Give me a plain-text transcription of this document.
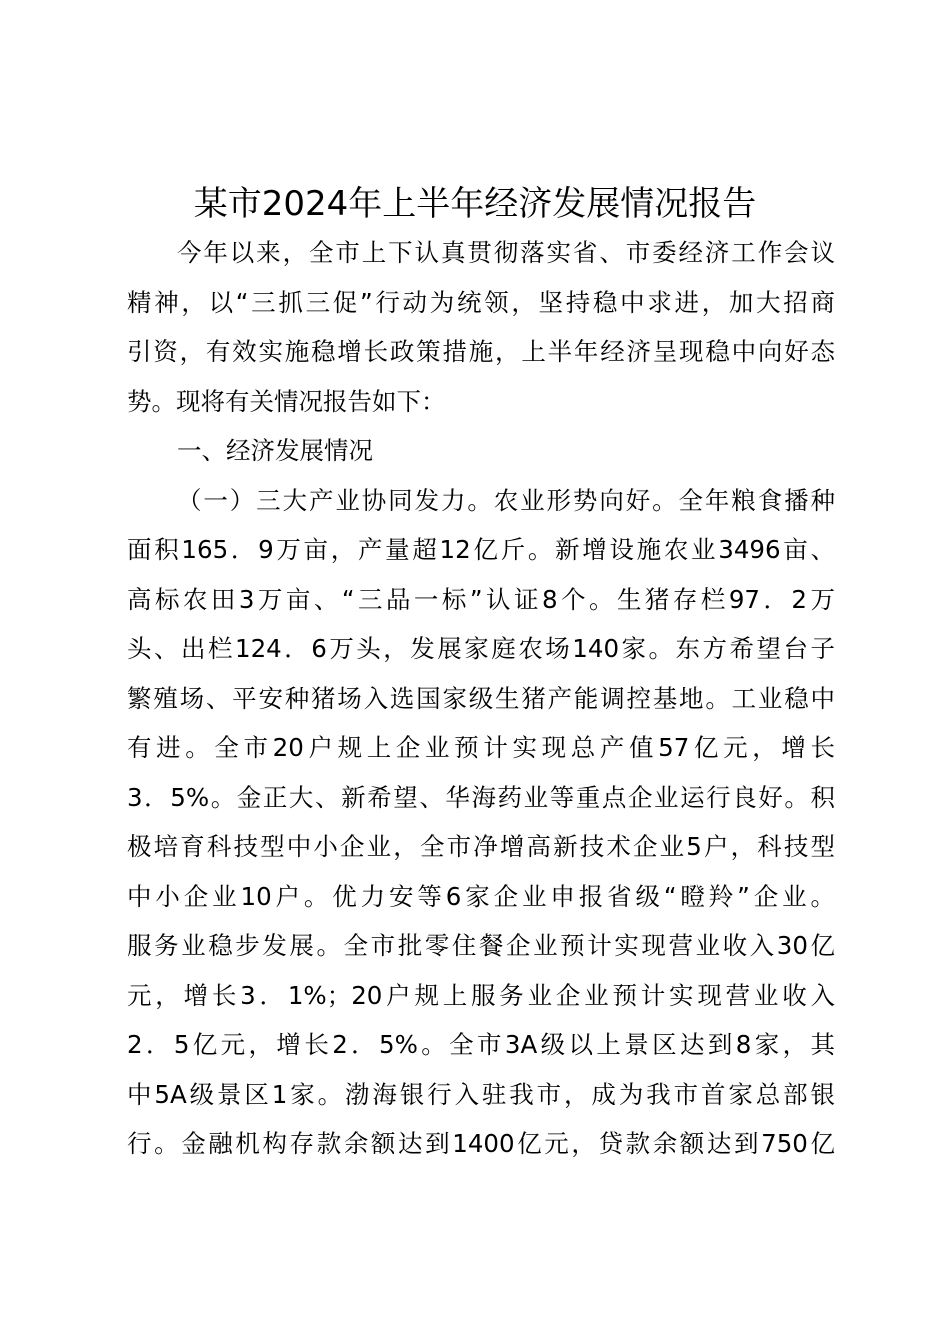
某市2024年上半年经济发展情况报告
今年以来，全市上下认真贯彻落实省、市委经济工作会议
精神，以“三抓三促”行动为统领，坚持稳中求进，加大招商
引资，有效实施稳增长政策措施，上半年经济呈现稳中向好态
势。现将有关情况报告如下：
一、经济发展情况
（一）三大产业协同发力。农业形势向好。全年粮食播种
面积165．9万亩，产量超12亿斤。新增设施农业3496亩、
高标农田3万亩、“三品一标”认证8个。生猪存栏97．2万
头、出栏124．6万头，发展家庭农场140家。东方希望台子
繁殖场、平安种猪场入选国家级生猪产能调控基地。工业稳中
有进。全市20户规上企业预计实现总产值57亿元，增长
3．5%。金正大、新希望、华海药业等重点企业运行良好。积
极培育科技型中小企业，全市净增高新技术企业5户，科技型
中小企业10户。优力安等6家企业申报省级“瞪羚”企业。
服务业稳步发展。全市批零住餐企业预计实现营业收入30亿
元，增长3．1%；20户规上服务业企业预计实现营业收入
2．5亿元，增长2．5%。全市3A级以上景区达到8家，其
中5A级景区1家。渤海银行入驻我市，成为我市首家总部银
行。金融机构存款余额达到1400亿元，贷款余额达到750亿
